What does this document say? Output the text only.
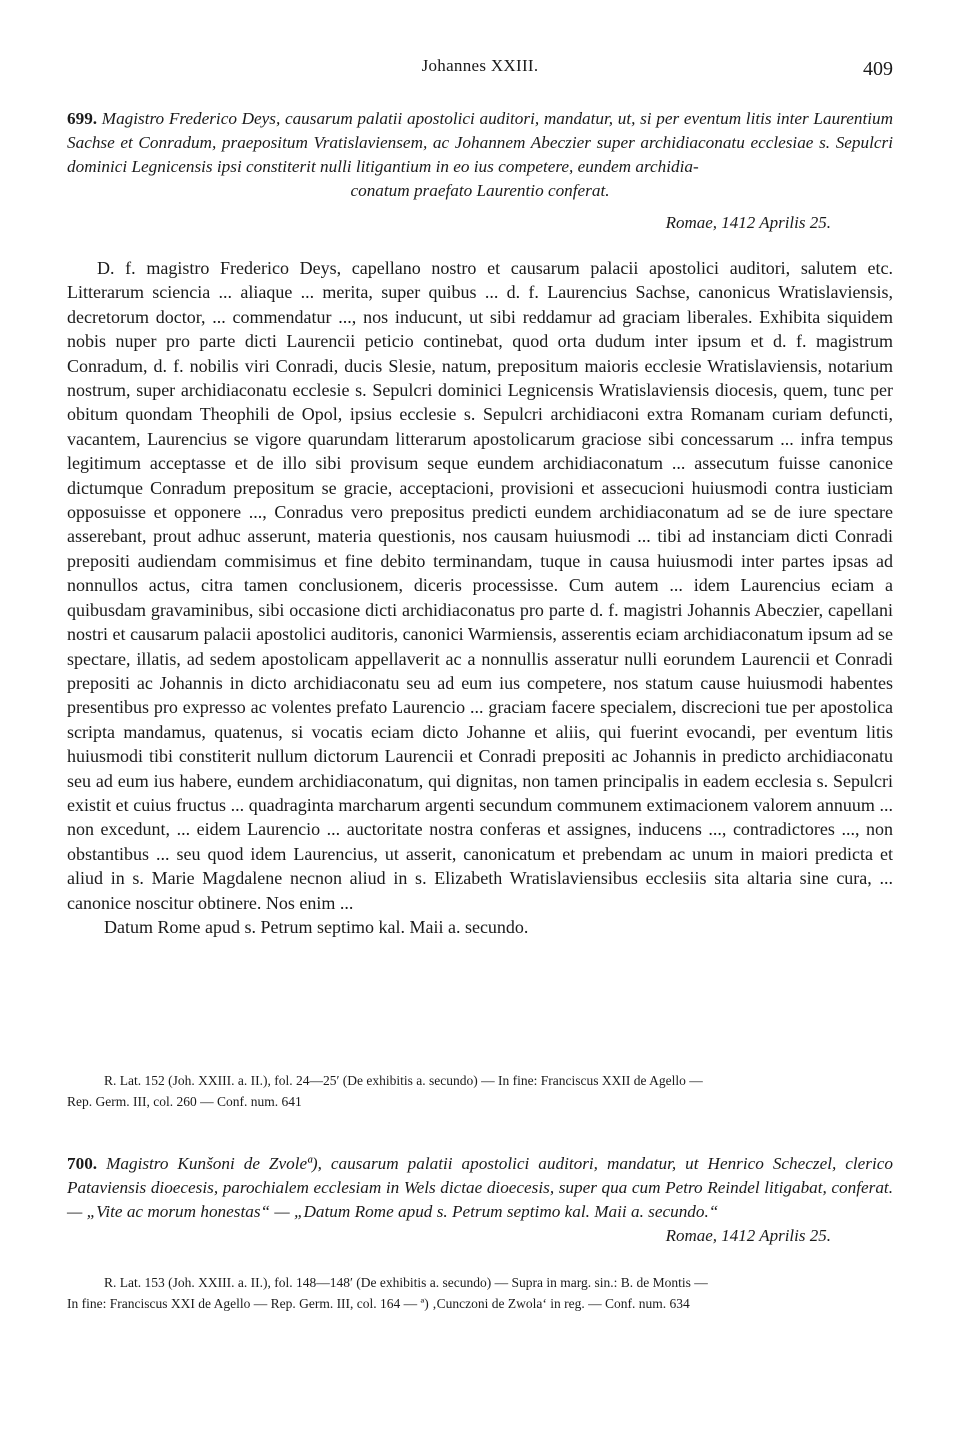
Johannes XXIII.	409
699. Magistro Frederico Deys, causarum palatii apostolici auditori, mandatur, ut, si per eventum litis inter Laurentium Sachse et Conradum, praepositum Vratislaviensem, ac Johannem Abeczier super archidiaconatu ecclesiae s. Sepulcri dominici Legnicensis ipsi constiterit nulli litigantium in eo ius competere, eundem archidia-
conatum praefato Laurentio conferat.
Romae, 1412 Aprilis 25.
D. f. magistro Frederico Deys, capellano nostro et causarum palacii apostolici auditori, salutem etc. Litterarum sciencia ... aliaque ... merita, super quibus ... d. f. Laurencius Sachse, canonicus Wratislaviensis, decretorum doctor, ... commendatur ..., nos inducunt, ut sibi reddamur ad graciam liberales. Exhibita siquidem nobis nuper pro parte dicti Laurencii peticio continebat, quod orta dudum inter ipsum et d. f. magistrum Conradum, d. f. nobilis viri Conradi, ducis Slesie, natum, prepositum maioris ecclesie Wratislaviensis, notarium nostrum, super archidiaconatu ecclesie s. Sepulcri dominici Legnicensis Wratislaviensis diocesis, quem, tunc per obitum quondam Theophili de Opol, ipsius ecclesie s. Sepulcri archidiaconi extra Romanam curiam defuncti, vacantem, Laurencius se vigore quarundam litterarum apostolicarum graciose sibi concessarum ... infra tempus legitimum acceptasse et de illo sibi provisum seque eundem archidiaconatum ... assecutum fuisse canonice dictumque Conradum prepositum se gracie, acceptacioni, provisioni et assecucioni huiusmodi contra iusticiam opposuisse et opponere ..., Conradus vero prepositus predicti eundem archidiaconatum ad se de iure spectare asserebant, prout adhuc asserunt, materia questionis, nos causam huiusmodi ... tibi ad instanciam dicti Conradi prepositi audiendam commisimus et fine debito terminandam, tuque in causa huiusmodi inter partes ipsas ad nonnullos actus, citra tamen conclusionem, diceris processisse. Cum autem ... idem Laurencius eciam a quibusdam gravaminibus, sibi occasione dicti archidiaconatus pro parte d. f. magistri Johannis Abeczier, capellani nostri et causarum palacii apostolici auditoris, canonici Warmiensis, asserentis eciam archidiaconatum ipsum ad se spectare, illatis, ad sedem apostolicam appellaverit ac a nonnullis asseratur nulli eorundem Laurencii et Conradi prepositi ac Johannis in dicto archidiaconatu seu ad eum ius competere, nos statum cause huiusmodi habentes presentibus pro expresso ac volentes prefato Laurencio ... graciam facere specialem, discrecioni tue per apostolica scripta mandamus, quatenus, si vocatis eciam dicto Johanne et aliis, qui fuerint evocandi, per eventum litis huiusmodi tibi constiterit nullum dictorum Laurencii et Conradi prepositi ac Johannis in predicto archidiaconatu seu ad eum ius habere, eundem archidiaconatum, qui dignitas, non tamen principalis in eadem ecclesia s. Sepulcri existit et cuius fructus ... quadraginta marcharum argenti secundum communem extimacionem valorem annuum ... non excedunt, ... eidem Laurencio ... auctoritate nostra conferas et assignes, inducens ..., contradictores ..., non obstantibus ... seu quod idem Laurencius, ut asserit, canonicatum et prebendam ac unum in maiori predicta et aliud in s. Marie Magdalene necnon aliud in s. Elizabeth Wratislaviensibus ecclesiis sita altaria sine cura, ... canonice noscitur obtinere. Nos enim ...
Datum Rome apud s. Petrum septimo kal. Maii a. secundo.
R. Lat. 152 (Joh. XXIII. a. II.), fol. 24—25′ (De exhibitis a. secundo) — In fine: Franciscus XXII de Agello —
Rep. Germ. III, col. 260 — Conf. num. 641
700. Magistro Kunšoni de Zvoleª), causarum palatii apostolici auditori, mandatur, ut Henrico Scheczel, clerico Pataviensis dioecesis, parochialem ecclesiam in Wels dictae dioecesis, super qua cum Petro Reindel litigabat, conferat. — „Vite ac morum honestas“ — „Datum Rome apud s. Petrum septimo kal. Maii a. secundo.“
Romae, 1412 Aprilis 25.
R. Lat. 153 (Joh. XXIII. a. II.), fol. 148—148′ (De exhibitis a. secundo) — Supra in marg. sin.: B. de Montis —
In fine: Franciscus XXI de Agello — Rep. Germ. III, col. 164 — ª) ‚Cunczoni de Zwola‘ in reg. — Conf. num. 634
